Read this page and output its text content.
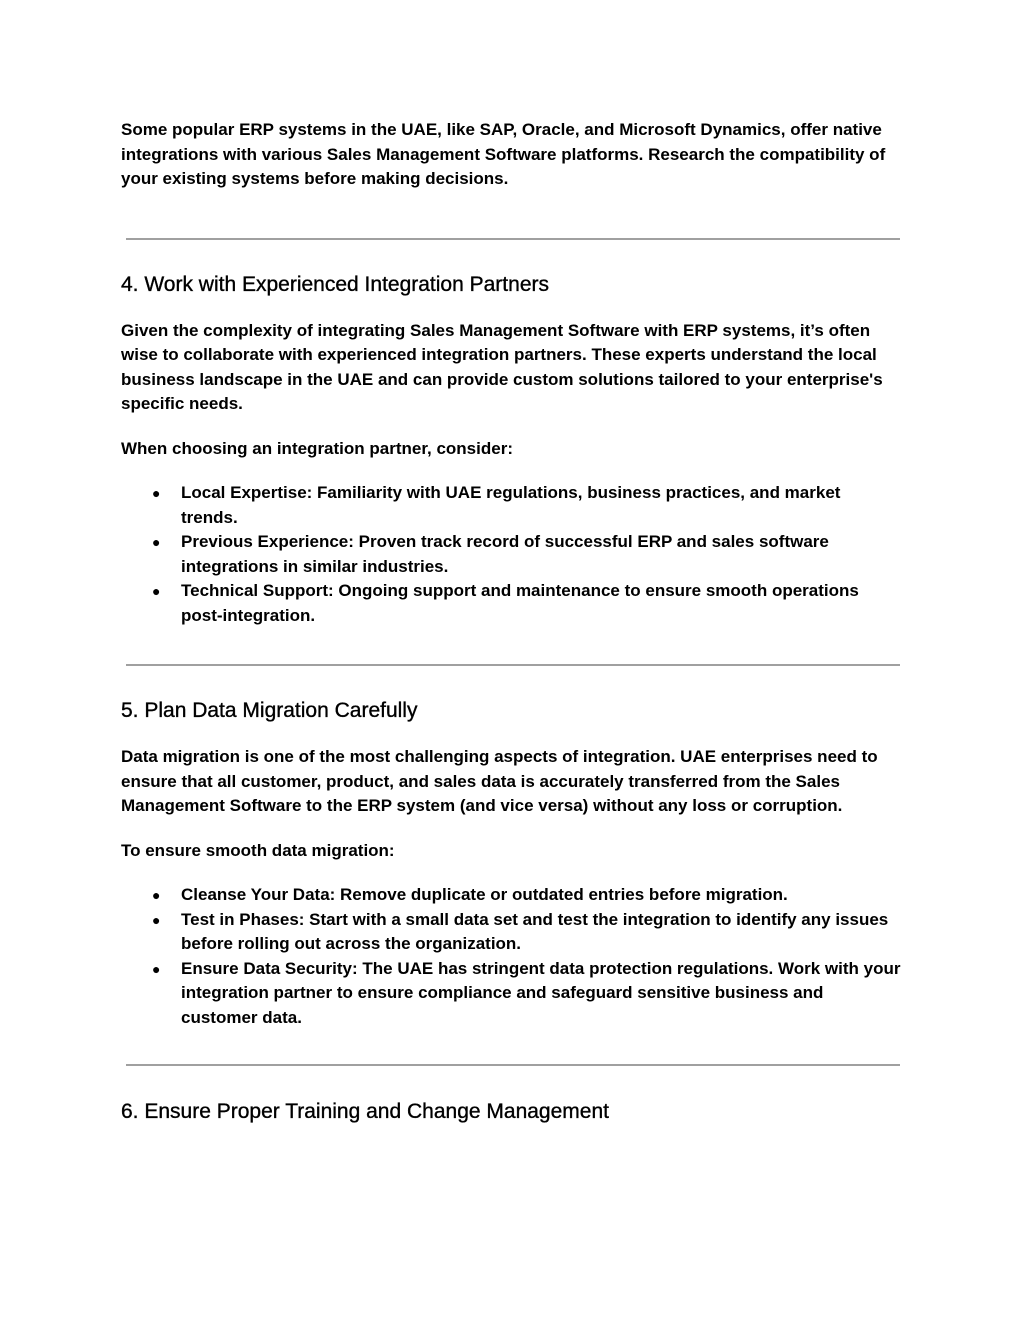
Some popular ERP systems in the UAE, like SAP, Oracle, and Microsoft Dynamics, offer native integrations with various Sales Management Software platforms. Research the compatibility of your existing systems before making decisions.

4. Work with Experienced Integration Partners

Given the complexity of integrating Sales Management Software with ERP systems, it’s often wise to collaborate with experienced integration partners. These experts understand the local business landscape in the UAE and can provide custom solutions tailored to your enterprise's specific needs.

When choosing an integration partner, consider:

● Local Expertise: Familiarity with UAE regulations, business practices, and market trends.
● Previous Experience: Proven track record of successful ERP and sales software integrations in similar industries.
● Technical Support: Ongoing support and maintenance to ensure smooth operations post-integration.
5. Plan Data Migration Carefully

Data migration is one of the most challenging aspects of integration. UAE enterprises need to ensure that all customer, product, and sales data is accurately transferred from the Sales Management Software to the ERP system (and vice versa) without any loss or corruption.

To ensure smooth data migration:

● Cleanse Your Data: Remove duplicate or outdated entries before migration.
● Test in Phases: Start with a small data set and test the integration to identify any issues before rolling out across the organization.
● Ensure Data Security: The UAE has stringent data protection regulations. Work with your integration partner to ensure compliance and safeguard sensitive business and customer data.
6. Ensure Proper Training and Change Management
